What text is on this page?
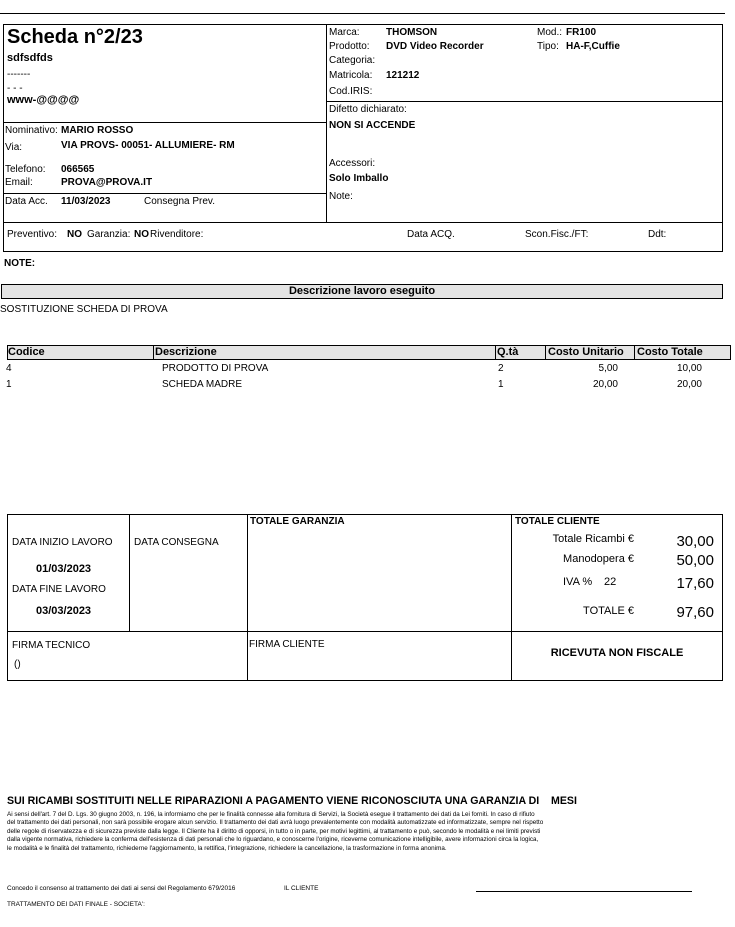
Scheda n°2/23
sdfsdfds
-------
- - -
www-@@@@
Marca:	THOMSON
Prodotto: DVD Video Recorder
Categoria:
Matricola: 121212
Cod.IRIS:
Mod.: FR100
Tipo: HA-F,Cuffie
Nominativo: MARIO ROSSO
Via:	VIA PROVS- 00051- ALLUMIERE- RM
Telefono: 066565
Email:	PROVA@PROVA.IT
Data Acc. 11/03/2023	Consegna Prev.
Difetto dichiarato:
NON SI ACCENDE
Accessori:
Solo Imballo
Note:
Preventivo: NO Garanzia: NO Rivenditore:	Data ACQ.	Scon.Fisc./FT:	Ddt:
NOTE:
Descrizione lavoro eseguito
SOSTITUZIONE SCHEDA DI PROVA
Codice	Descrizione	Q.tà	Costo Unitario Costo Totale
4	PRODOTTO DI PROVA	2	5,00	10,00
1	SCHEDA MADRE	1	20,00	20,00
DATA INIZIO LAVORO
01/03/2023
DATA FINE LAVORO
03/03/2023
DATA CONSEGNA
TOTALE GARANZIA	TOTALE CLIENTE
Totale Ricambi €	30,00
Manodopera €	50,00
IVA % 22	17,60
TOTALE €	97,60
FIRMA TECNICO
()
FIRMA CLIENTE
RICEVUTA NON FISCALE
SUI RICAMBI SOSTITUITI NELLE RIPARAZIONI A PAGAMENTO VIENE RICONOSCIUTA UNA GARANZIA DI    MESI
Ai sensi dell'art. 7 del D. Lgs. 30 giugno 2003, n. 196, la informiamo che per le finalità connesse alla fornitura di Servizi, la Società esegue il trattamento dei dati da Lei forniti. In caso di rifiuto
del trattamento dei dati personali, non sarà possibile erogare alcun servizio. Il trattamento dei dati avrà luogo prevalentemente con modalità automatizzate ed informatizzate, sempre nel rispetto
delle regole di riservatezza e di sicurezza previste dalla legge. Il Cliente ha il diritto di opporsi, in tutto o in parte, per motivi legittimi, al trattamento e può, secondo le modalità e nei limiti previsti
dalla vigente normativa, richiedere la conferma dell'esistenza di dati personali che lo riguardano, e conoscerne l'origine, riceverne comunicazione intelligibile, avere informazioni circa la logica,
le modalità e le finalità del trattamento, richiederne l'aggiornamento, la rettifica, l'integrazione, richiedere la cancellazione, la trasformazione in forma anonima.
Concedo il consenso al trattamento dei dati ai sensi del Regolamento 679/2016	IL CLIENTE
TRATTAMENTO DEI DATI FINALE - SOCIETA':
